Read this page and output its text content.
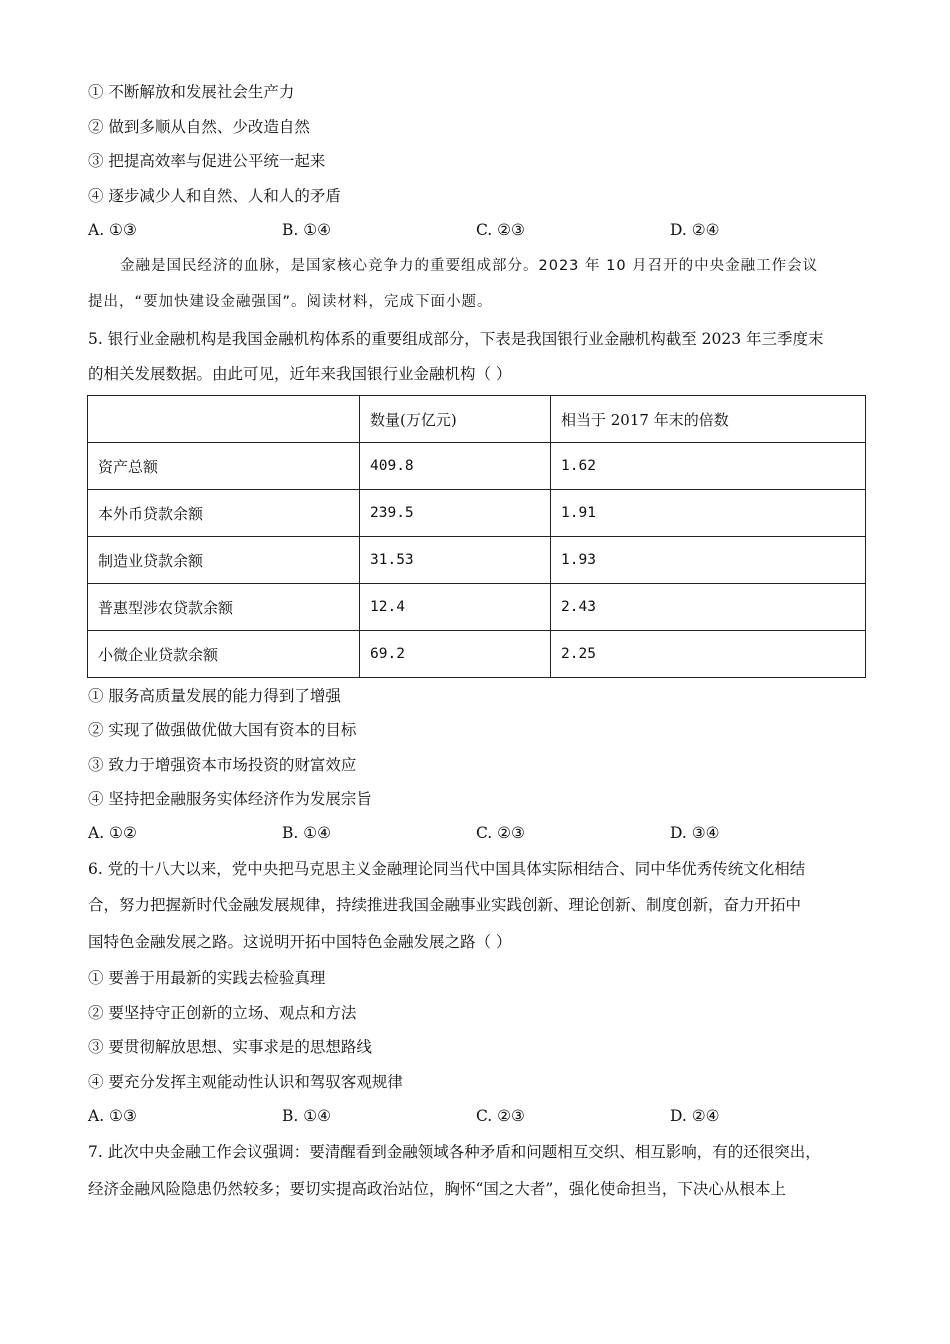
① 不断解放和发展社会生产力
② 做到多顺从自然、少改造自然
③ 把提高效率与促进公平统一起来
④ 逐步减少人和自然、人和人的矛盾
A. ①③	B. ①④	C. ②③	D. ②④
金融是国民经济的血脉，是国家核心竞争力的重要组成部分。2023 年 10 月召开的中央金融工作会议
提出，“要加快建设金融强国”。阅读材料，完成下面小题。
5. 银行业金融机构是我国金融机构体系的重要组成部分，下表是我国银行业金融机构截至 2023 年三季度末
的相关发展数据。由此可见，近年来我国银行业金融机构（ ）
	数量(万亿元)	相当于 2017 年末的倍数
资产总额	409.8	1.62
本外币贷款余额	239.5	1.91
制造业贷款余额	31.53	1.93
普惠型涉农贷款余额	12.4	2.43
小微企业贷款余额	69.2	2.25
① 服务高质量发展的能力得到了增强
② 实现了做强做优做大国有资本的目标
③ 致力于增强资本市场投资的财富效应
④ 坚持把金融服务实体经济作为发展宗旨
A. ①②	B. ①④	C. ②③	D. ③④
6. 党的十八大以来，党中央把马克思主义金融理论同当代中国具体实际相结合、同中华优秀传统文化相结
合，努力把握新时代金融发展规律，持续推进我国金融事业实践创新、理论创新、制度创新，奋力开拓中
国特色金融发展之路。这说明开拓中国特色金融发展之路（ ）
① 要善于用最新的实践去检验真理
② 要坚持守正创新的立场、观点和方法
③ 要贯彻解放思想、实事求是的思想路线
④ 要充分发挥主观能动性认识和驾驭客观规律
A. ①③	B. ①④	C. ②③	D. ②④
7. 此次中央金融工作会议强调：要清醒看到金融领域各种矛盾和问题相互交织、相互影响，有的还很突出，
经济金融风险隐患仍然较多；要切实提高政治站位，胸怀“国之大者”，强化使命担当，下决心从根本上
